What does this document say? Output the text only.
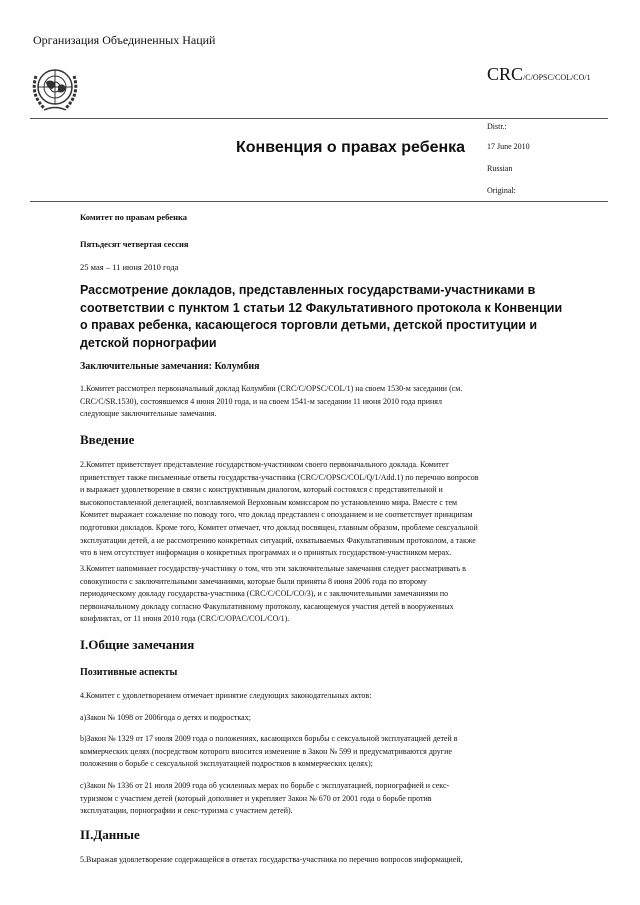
Организация Объединенных Наций
CRC/C/OPSC/COL/CO/1
Distr.:
17 June 2010
Russian
Original:
Конвенция о правах ребенка
Комитет по правам ребенка
Пятьдесят четвертая сессия
25 мая – 11 июня 2010 года
Рассмотрение докладов, представленных государствами-участниками в соответствии с пунктом 1 статьи 12 Факультативного протокола к Конвенции о правах ребенка, касающегося торговли детьми, детской проституции и детской порнографии
Заключительные замечания: Колумбия
1.Комитет рассмотрел первоначальный доклад Колумбии (CRC/C/OPSC/COL/1) на своем 1530-м заседании (см.
CRC/C/SR.1530), состоявшемся 4 июня 2010 года, и на своем 1541-м заседании 11 июня 2010 года принял
следующие заключительные замечания.
Введение
2.Комитет приветствует представление государством-участником своего первоначального доклада. Комитет
приветствует также письменные ответы государства-участника (CRC/C/OPSC/COL/Q/1/Add.1) по перечню вопросов
и выражает удовлетворение в связи с конструктивным диалогом, который состоялся с представительной и
высокопоставленной делегацией, возглавляемой Верховным комиссаром по установлению мира. Вместе с тем
Комитет выражает сожаление по поводу того, что доклад представлен с опозданием и не соответствует принципам
подготовки докладов. Кроме того, Комитет отмечает, что доклад посвящен, главным образом, проблеме сексуальной
эксплуатации детей, а не рассмотрению конкретных ситуаций, охватываемых Факультативным протоколом, а также
что в нем отсутствует информация о конкретных программах и о принятых государством-участником мерах.
3.Комитет напоминает государству-участнику о том, что эти заключительные замечания следует рассматривать в
совокупности с заключительными замечаниями, которые были приняты 8 июня 2006 года по второму
периодическому докладу государства-участника (CRC/C/COL/CO/3), и с заключительными замечаниями по
первоначальному докладу согласно Факультативному протоколу, касающемуся участия детей в вооруженных
конфликтах, от 11 июня 2010 года (CRC/C/OPAC/COL/CO/1).
I.Общие замечания
Позитивные аспекты
4.Комитет с удовлетворением отмечает принятие следующих законодательных актов:
a)Закон № 1098 от 2006года о детях и подростках;
b)Закон № 1329 от 17 июля 2009 года о положениях, касающихся борьбы с сексуальной эксплуатацией детей в
коммерческих целях (посредством которого вносится изменение в Закон № 599 и предусматриваются другие
положения о борьбе с сексуальной эксплуатацией подростков в коммерческих целях);
c)Закон № 1336 от 21 июля 2009 года об усиленных мерах по борьбе с эксплуатацией, порнографией и секс-
туризмом с участием детей (который дополняет и укрепляет Закон № 670 от 2001 года о борьбе против
эксплуатации, порнографии и секс-туризма с участием детей).
II.Данные
5.Выражая удовлетворение содержащейся в ответах государства-участника по перечню вопросов информацией,
